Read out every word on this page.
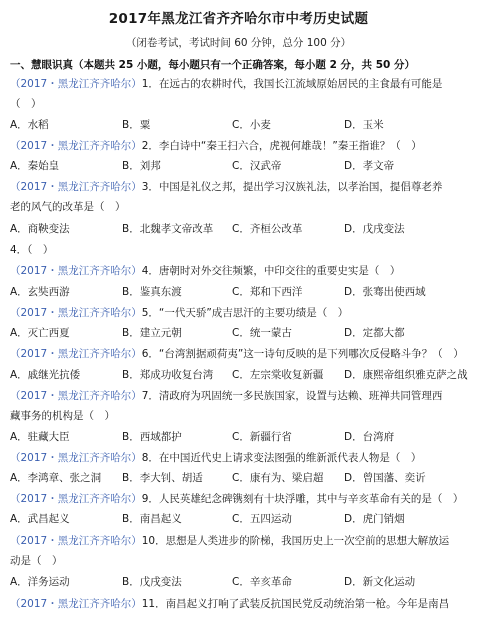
2017年黑龙江省齐齐哈尔市中考历史试题
（闭卷考试，考试时间 60 分钟，总分 100 分）
一、慧眼识真（本题共 25 小题，每小题只有一个正确答案，每小题 2 分，共 50 分）
（2017・黑龙江齐齐哈尔）1．在远古的农耕时代，我国长江流域原始居民的主食最有可能是
（　）
A．水稻	B．粟	C．小麦	D．玉米
（2017・黑龙江齐齐哈尔）2．李白诗中“秦王扫六合，虎视何雄哉！”秦王指谁？（　）
A．秦始皇	B．刘邦	C．汉武帝	D．孝文帝
（2017・黑龙江齐齐哈尔）3．中国是礼仪之邦，提出学习汉族礼法，以孝治国，提倡尊老养
老的风气的改革是（　）
A．商鞅变法	B．北魏孝文帝改革 C．齐桓公改革	D．戊戌变法
4．（　）
（2017・黑龙江齐齐哈尔）4．唐朝时对外交往频繁，中印交往的重要史实是（　）
A．玄奘西游	B．鉴真东渡	C．郑和下西洋	D．张骞出使西域
（2017・黑龙江齐齐哈尔）5．“一代天骄”成吉思汗的主要功绩是（　）
A．灭亡西夏	B．建立元朝	C．统一蒙古	D．定都大都
（2017・黑龙江齐齐哈尔）6．“台湾割据顽荷夷”这一诗句反映的是下列哪次反侵略斗争？（　）
A．戚继光抗倭	B．郑成功收复台湾 C．左宗棠收复新疆 D．康熙帝组织雅克萨之战
（2017・黑龙江齐齐哈尔）7．清政府为巩固统一多民族国家，设置与达赖、班禅共同管理西
藏事务的机构是（　）
A．驻藏大臣	B．西域都护	C．新疆行省	D．台湾府
（2017・黑龙江齐齐哈尔）8．在中国近代史上请求变法图强的维新派代表人物是（　）
A．李鸿章、张之洞 B．李大钊、胡适	C．康有为、梁启超 D．曾国藩、奕䜣
（2017・黑龙江齐齐哈尔）9．人民英雄纪念碑镌刻有十块浮雕，其中与辛亥革命有关的是（　）
A．武昌起义	B．南昌起义	C．五四运动	D．虎门销烟
（2017・黑龙江齐齐哈尔）10．思想是人类进步的阶梯，我国历史上一次空前的思想大解放运
动是（　）
A．洋务运动	B．戊戌变法	C．辛亥革命	D．新文化运动
（2017・黑龙江齐齐哈尔）11．南昌起义打响了武装反抗国民党反动统治第一枪。今年是南昌
